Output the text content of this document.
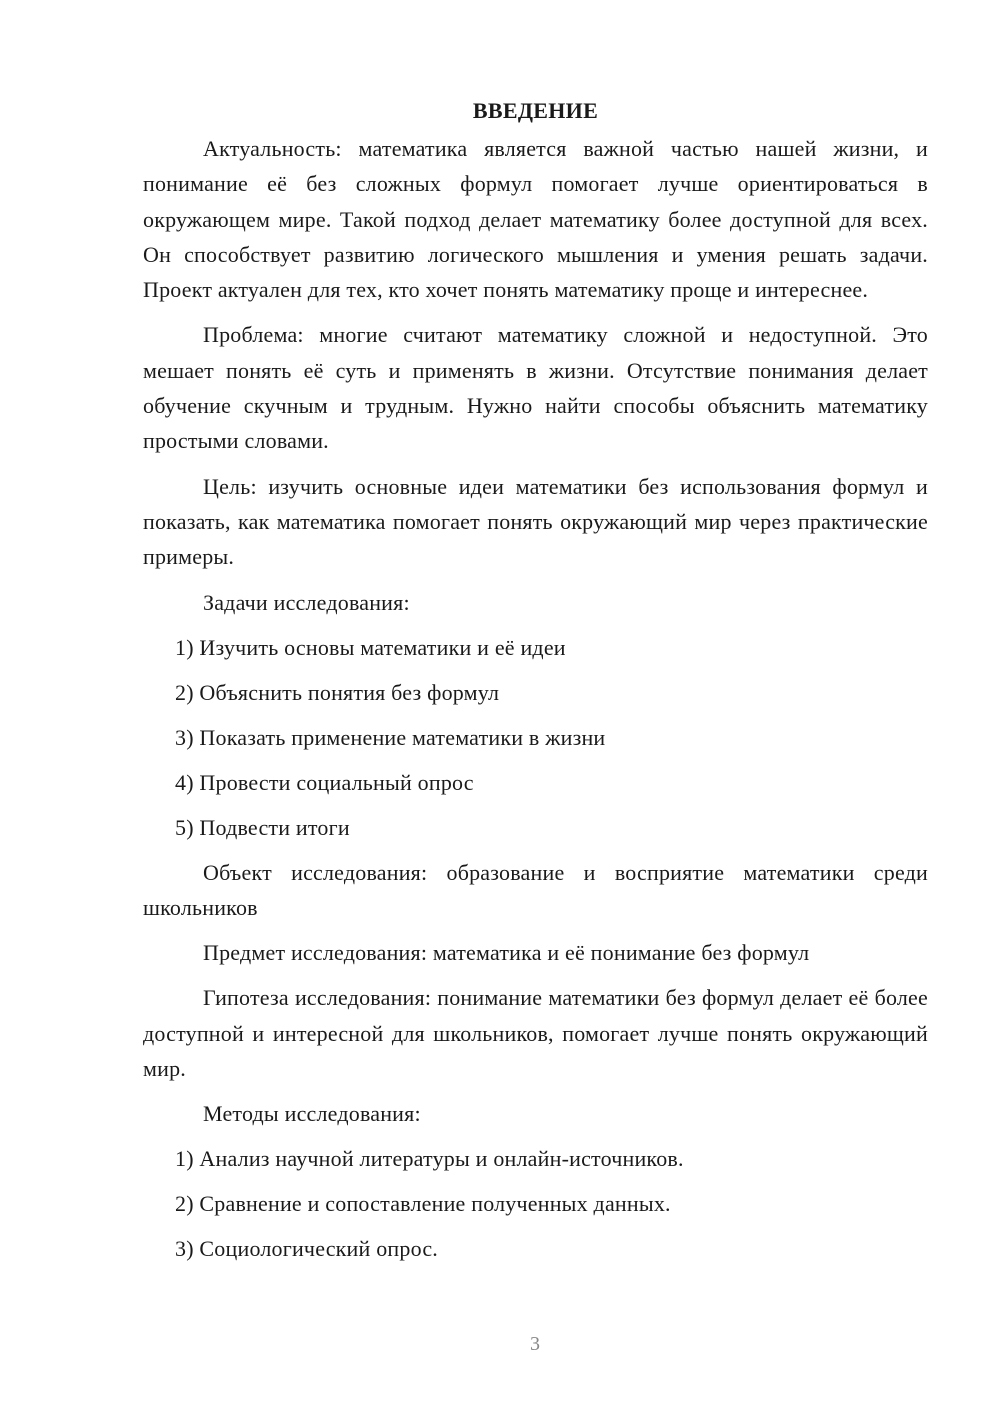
ВВЕДЕНИЕ

Актуальность: математика является важной частью нашей жизни, и понимание её без сложных формул помогает лучше ориентироваться в окружающем мире. Такой подход делает математику более доступной для всех. Он способствует развитию логического мышления и умения решать задачи. Проект актуален для тех, кто хочет понять математику проще и интереснее.

Проблема: многие считают математику сложной и недоступной. Это мешает понять её суть и применять в жизни. Отсутствие понимания делает обучение скучным и трудным. Нужно найти способы объяснить математику простыми словами.

Цель: изучить основные идеи математики без использования формул и показать, как математика помогает понять окружающий мир через практические примеры.

Задачи исследования:

1) Изучить основы математики и её идеи
2) Объяснить понятия без формул
3) Показать применение математики в жизни
4) Провести социальный опрос
5) Подвести итоги

Объект исследования: образование и восприятие математики среди школьников

Предмет исследования: математика и её понимание без формул

Гипотеза исследования: понимание математики без формул делает её более доступной и интересной для школьников, помогает лучше понять окружающий мир.

Методы исследования:

1) Анализ научной литературы и онлайн-источников.
2) Сравнение и сопоставление полученных данных.
3) Социологический опрос.
3
